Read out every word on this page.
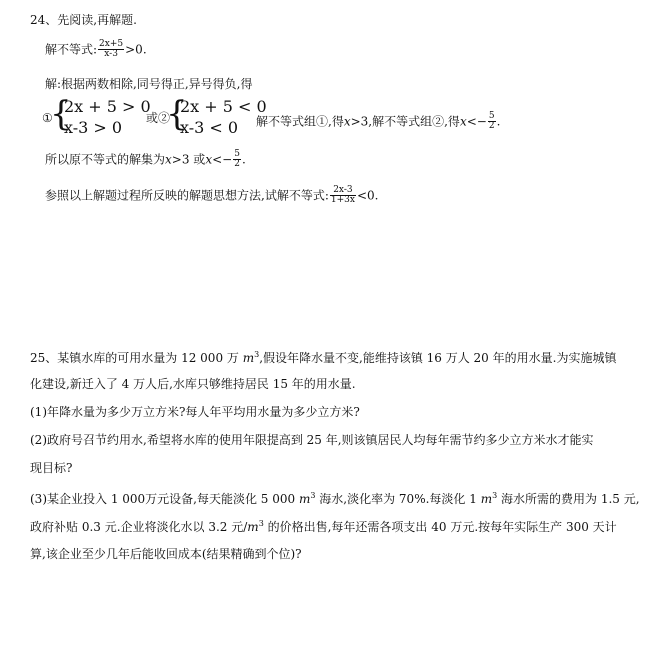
24、先阅读,再解题.
解不等式: $\frac{2x+5}{x-3} >0$.
解:根据两数相除,同号得正,异号得负,得
①
{
2x + 5 > 0
x-3 > 0 或②
{
2x + 5 < 0
x-3 < 0 解不等式组①,得x>3,解不等式组②,得$x<- \frac{5}{2}$ .
所以原不等式的解集为x>3 或$x<- \frac{5}{2}$ .
参照以上解题过程所反映的解题思想方法,试解不等式: $\frac{2x-3}{1+3x} <0$.
25、某镇水库的可用水量为 12 000 万 $m^3$,假设年降水量不变,能维持该镇 16 万人 20 年的用水量.为实施城镇
化建设,新迁入了 4 万人后,水库只够维持居民 15 年的用水量.
(1)年降水量为多少万立方米?每人年平均用水量为多少立方米?
(2)政府号召节约用水,希望将水库的使用年限提高到 25 年,则该镇居民人均每年需节约多少立方米水才能实
现目标?
(3)某企业投入 1 000万元设备,每天能淡化 5 000 $m^3$ 海水,淡化率为 70%.每淡化 1 $m^3$ 海水所需的费用为 1.5 元,
政府补贴 0.3 元.企业将淡化水以 3.2 元$/m^3$ 的价格出售,每年还需各项支出 40 万元.按每年实际生产 300 天计
算,该企业至少几年后能收回成本(结果精确到个位)?
